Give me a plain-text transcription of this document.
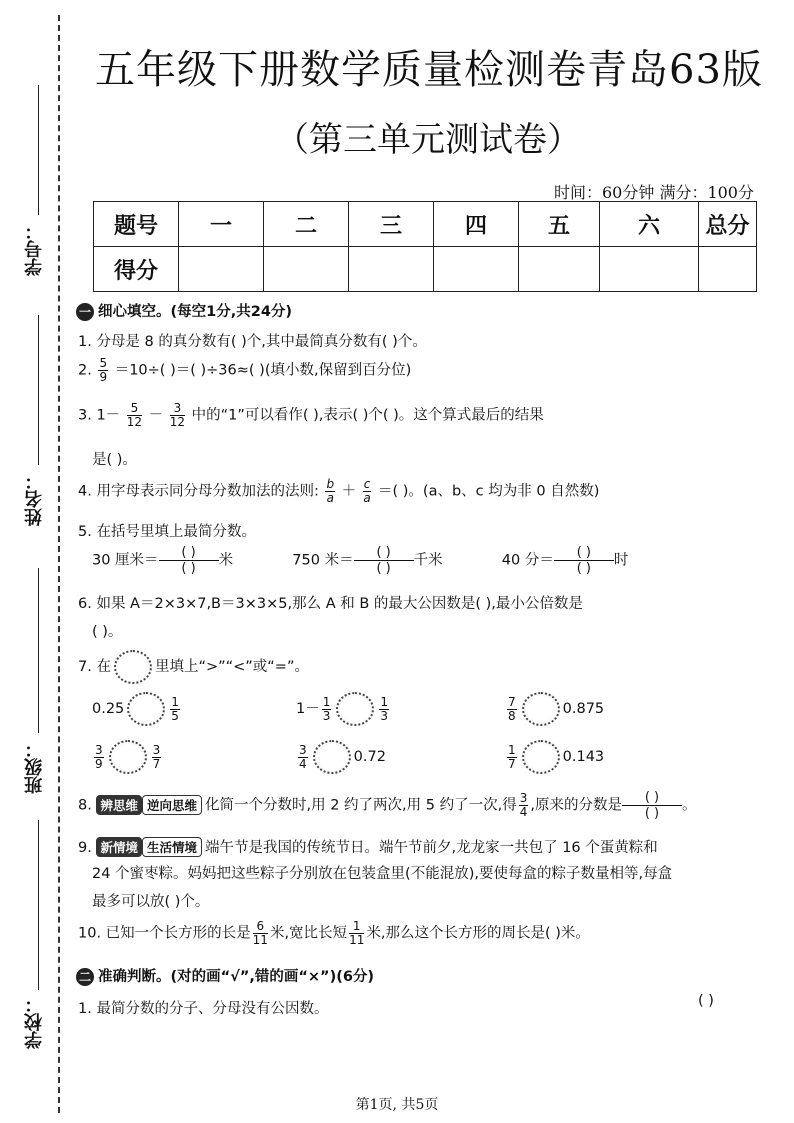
学号：
姓名：
班级：
学校：
五年级下册数学质量检测卷青岛63版
（第三单元测试卷）
时间：60分钟 满分：100分
题号	一	二	三	四	五	六	总分
得分							
一 细心填空。(每空1分,共24分)
1. 分母是 8 的真分数有( )个,其中最简真分数有( )个。
2. $\frac{5}{9} =10\div$( )＝( )÷36≈( )(填小数,保留到百分位)
3. $1- \frac{5}{12} - \frac{3}{12}$ 中的“1”可以看作( ),表示( )个( )。这个算式最后的结果
是( )。
4. 用字母表示同分母分数加法的法则: $\frac{b}{a} + \frac{c}{a}$ ＝( )。(a、b、c 均为非 0 自然数)
5. 在括号里填上最简分数。
30 厘米＝	( )
( ) 米	750 米＝	( )
( ) 千米	40 分＝	( )
( ) 时
6. 如果 A＝2×3×7,B＝3×3×5,那么 A 和 B 的最大公因数是( ),最小公倍数是
( )。
7. 在	里填上“>”“<”或“=”。
0.25	$\frac{1}{5}$	$1- \frac{1}{3}$	$\frac{1}{3}$	$\frac{7}{8}$	0.875
$\frac{3}{9}$	$\frac{3}{7}$	$\frac{3}{4}$	0.72	$\frac{1}{7}$	0.143
8. 辨思维 逆向思维 化简一个分数时,用 2 约了两次,用 5 约了一次,得 $\frac{3}{4}$ ,原来的分数是	( )
( ) 。
9. 新情境 生活情境 端午节是我国的传统节日。端午节前夕,龙龙家一共包了 16 个蛋黄粽和
24 个蜜枣粽。妈妈把这些粽子分别放在包装盒里(不能混放),要使每盒的粽子数量相等,每盒
最多可以放( )个。
10. 已知一个长方形的长是 $\frac{6}{11}$ 米,宽比长短 $\frac{1}{11}$ 米,那么这个长方形的周长是( )米。
二 准确判断。(对的画“√”,错的画“×”)(6分)
1. 最简分数的分子、分母没有公因数。	( )
第1页, 共5页
